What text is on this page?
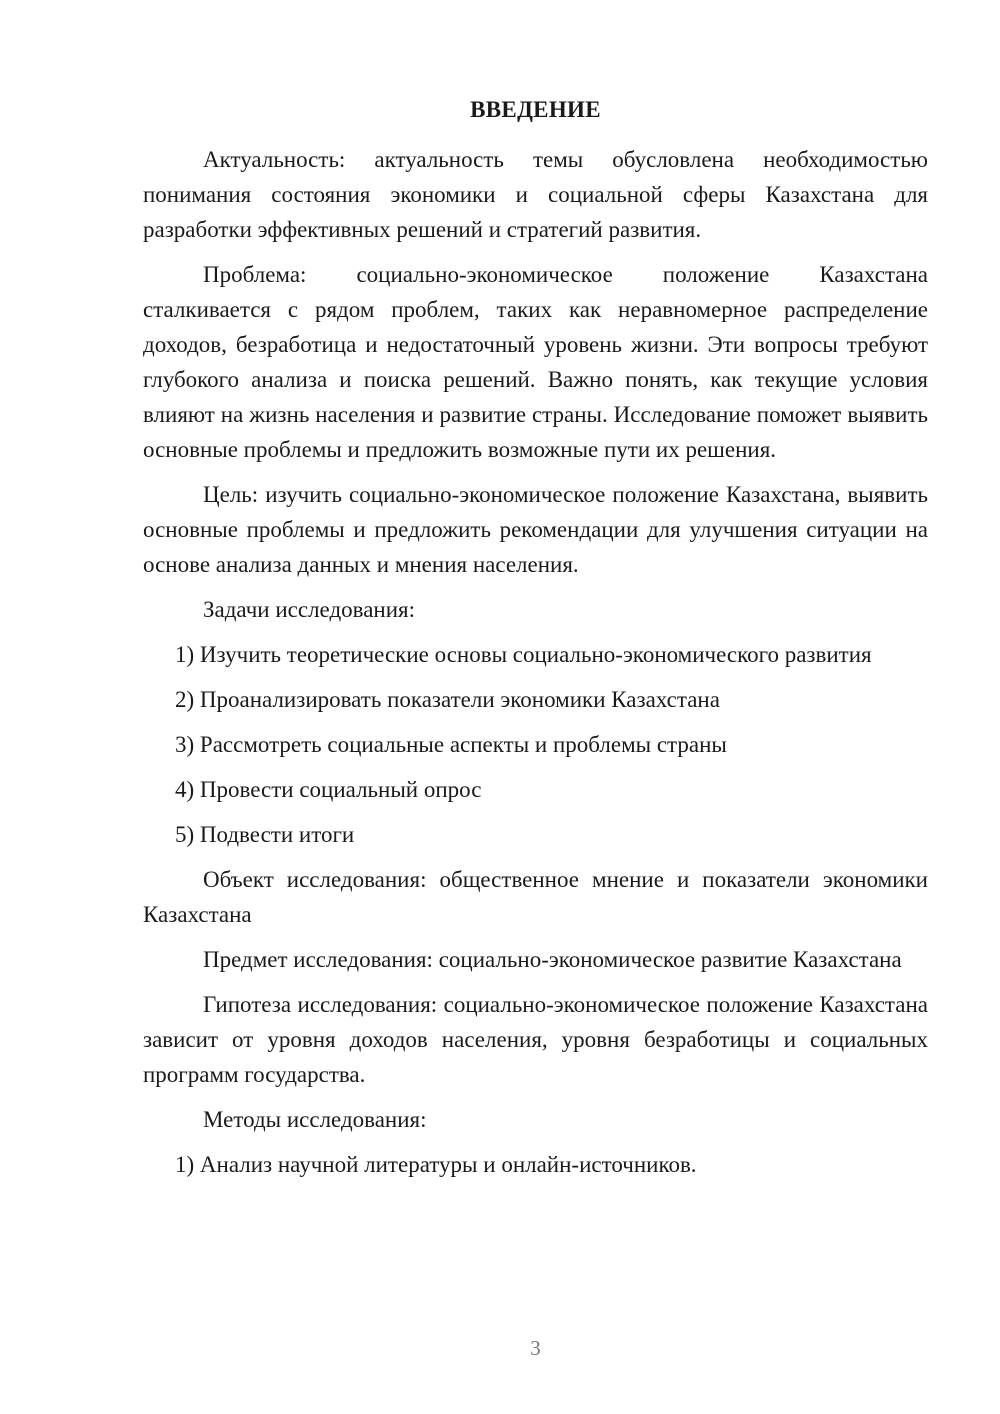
ВВЕДЕНИЕ

Актуальность: актуальность темы обусловлена необходимостью понимания состояния экономики и социальной сферы Казахстана для разработки эффективных решений и стратегий развития.

Проблема: социально-экономическое положение Казахстана сталкивается с рядом проблем, таких как неравномерное распределение доходов, безработица и недостаточный уровень жизни. Эти вопросы требуют глубокого анализа и поиска решений. Важно понять, как текущие условия влияют на жизнь населения и развитие страны. Исследование поможет выявить основные проблемы и предложить возможные пути их решения.

Цель: изучить социально-экономическое положение Казахстана, выявить основные проблемы и предложить рекомендации для улучшения ситуации на основе анализа данных и мнения населения.

Задачи исследования:

1) Изучить теоретические основы социально-экономического развития

2) Проанализировать показатели экономики Казахстана

3) Рассмотреть социальные аспекты и проблемы страны

4) Провести социальный опрос

5) Подвести итоги

Объект исследования: общественное мнение и показатели экономики Казахстана

Предмет исследования: социально-экономическое развитие Казахстана

Гипотеза исследования: социально-экономическое положение Казахстана зависит от уровня доходов населения, уровня безработицы и социальных программ государства.

Методы исследования:

1) Анализ научной литературы и онлайн-источников.

3
